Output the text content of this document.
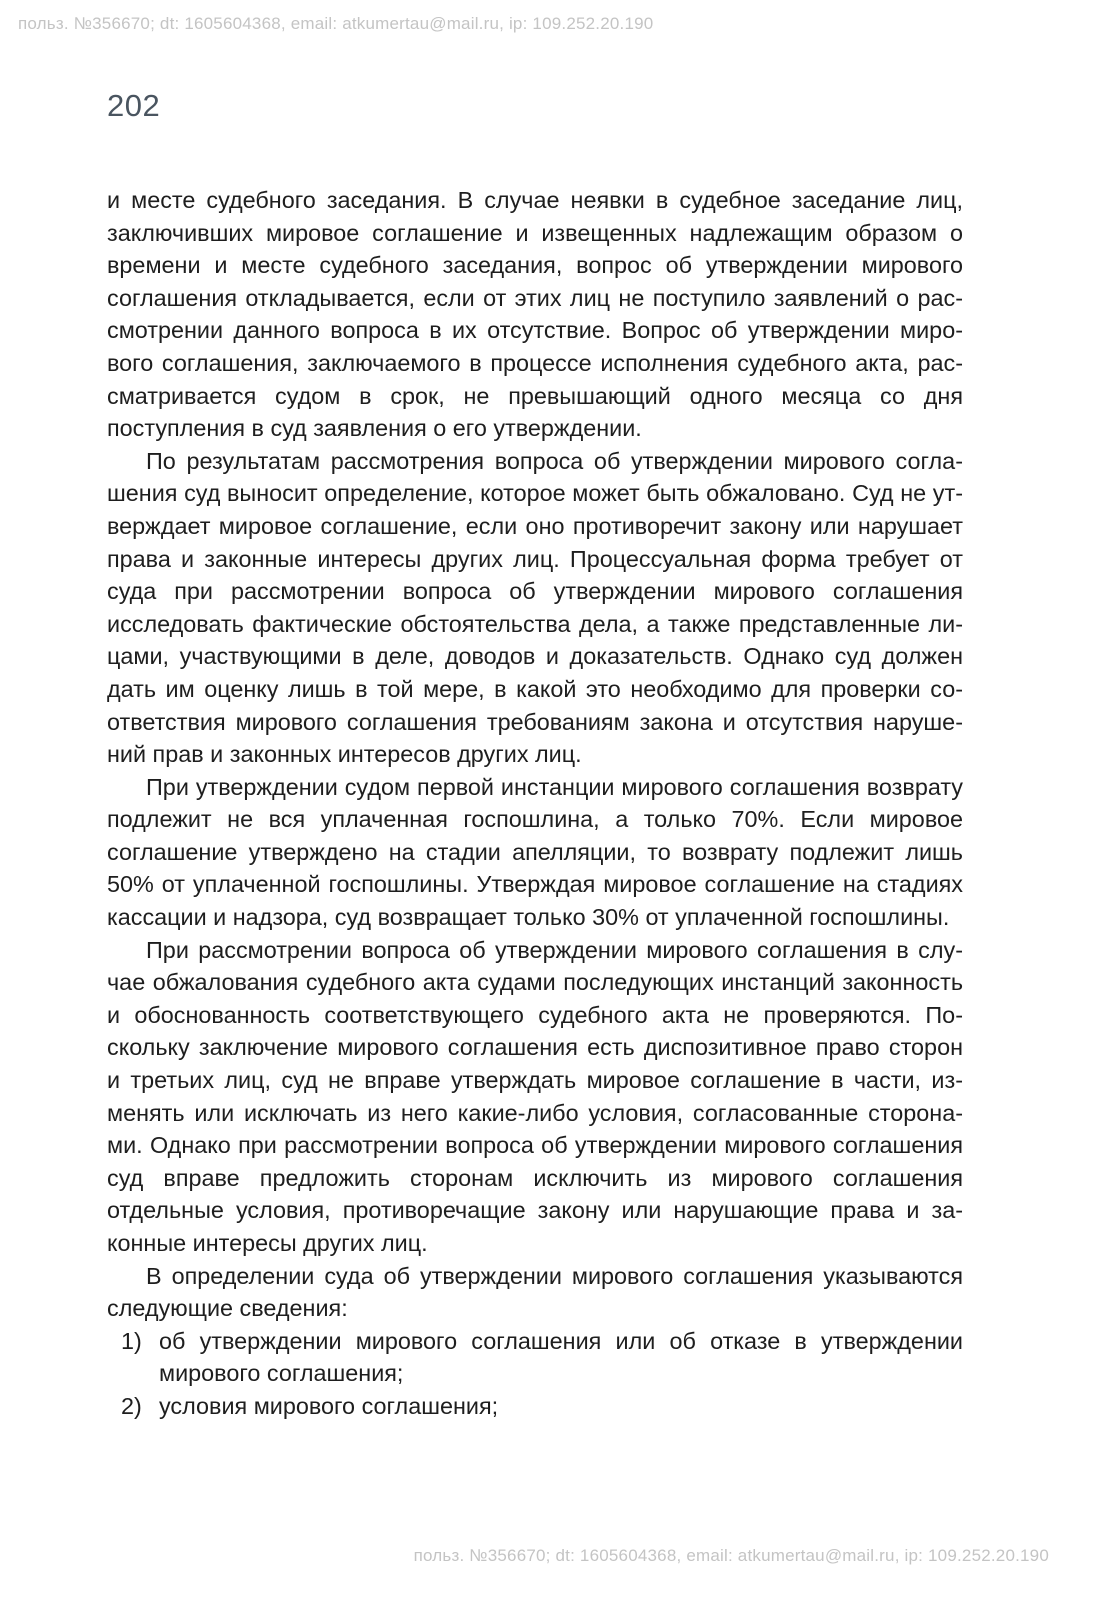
польз. №356670; dt: 1605604368, email: atkumertau@mail.ru, ip: 109.252.20.190
202

и месте судебного заседания. В случае неявки в судебное заседание лиц, заключивших мировое соглашение и извещенных надлежащим образом о времени и месте судебного заседания, вопрос об утверждении мирового соглашения откладывается, если от этих лиц не поступило заявлений о рассмотрении данного вопроса в их отсутствие. Вопрос об утверждении мирового соглашения, заключаемого в процессе исполнения судебного акта, рассматривается судом в срок, не превышающий одного месяца со дня поступления в суд заявления о его утверждении.

По результатам рассмотрения вопроса об утверждении мирового соглашения суд выносит определение, которое может быть обжаловано. Суд не утверждает мировое соглашение, если оно противоречит закону или нарушает права и законные интересы других лиц. Процессуальная форма требует от суда при рассмотрении вопроса об утверждении мирового соглашения исследовать фактические обстоятельства дела, а также представленные лицами, участвующими в деле, доводов и доказательств. Однако суд должен дать им оценку лишь в той мере, в какой это необходимо для проверки соответствия мирового соглашения требованиям закона и отсутствия нарушений прав и законных интересов других лиц.

При утверждении судом первой инстанции мирового соглашения возврату подлежит не вся уплаченная госпошлина, а только 70%. Если мировое соглашение утверждено на стадии апелляции, то возврату подлежит лишь 50% от уплаченной госпошлины. Утверждая мировое соглашение на стадиях кассации и надзора, суд возвращает только 30% от уплаченной госпошлины.

При рассмотрении вопроса об утверждении мирового соглашения в случае обжалования судебного акта судами последующих инстанций законность и обоснованность соответствующего судебного акта не проверяются. Поскольку заключение мирового соглашения есть диспозитивное право сторон и третьих лиц, суд не вправе утверждать мировое соглашение в части, изменять или исключать из него какие-либо условия, согласованные сторонами. Однако при рассмотрении вопроса об утверждении мирового соглашения суд вправе предложить сторонам исключить из мирового соглашения отдельные условия, противоречащие закону или нарушающие права и законные интересы других лиц.

В определении суда об утверждении мирового соглашения указываются следующие сведения:

1) об утверждении мирового соглашения или об отказе в утверждении мирового соглашения;
2) условия мирового соглашения;
польз. №356670; dt: 1605604368, email: atkumertau@mail.ru, ip: 109.252.20.190
